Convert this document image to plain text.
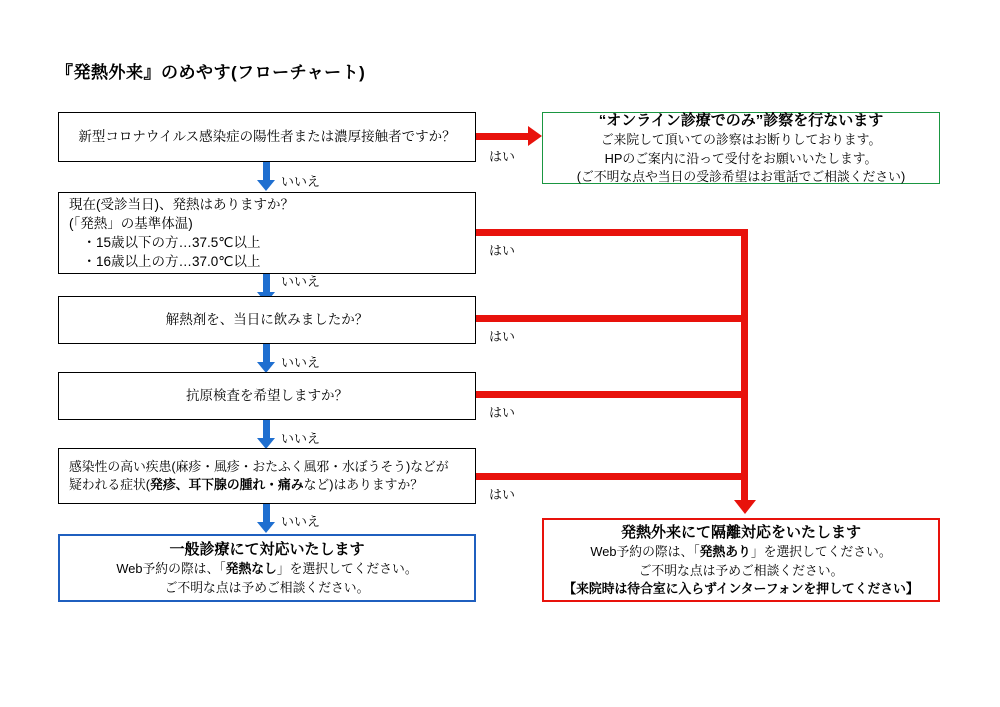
『発熱外来』のめやす(フローチャート)
新型コロナウイルス感染症の陽性者または濃厚接触者ですか？
はい
いいえ
“オンライン診療でのみ”診察を行ないます
ご来院して頂いての診察はお断りしております。
HPのご案内に沿って受付をお願いいたします。
(ご不明な点や当日の受診希望はお電話でご相談ください)
現在(受診当日)、発熱はありますか？
(「発熱」の基準体温)
　・15歳以下の方…37.5℃以上
　・16歳以上の方…37.0℃以上
はい
いいえ
解熱剤を、当日に飲みましたか？
はい
いいえ
抗原検査を希望しますか？
はい
いいえ
感染性の高い疾患(麻疹・風疹・おたふく風邪・水ぼうそう)などが
疑われる症状(発疹、耳下腺の腫れ・痛みなど)はありますか？
はい
いいえ
一般診療にて対応いたします
Web予約の際は、「発熱なし」を選択してください。
ご不明な点は予めご相談ください。
発熱外来にて隔離対応をいたします
Web予約の際は、「発熱あり」を選択してください。
ご不明な点は予めご相談ください。
【来院時は待合室に入らずインターフォンを押してください】
